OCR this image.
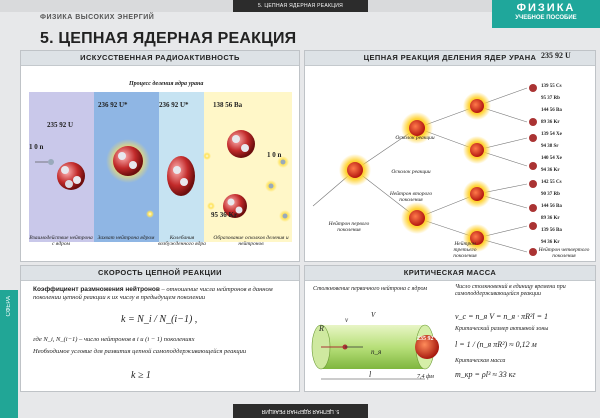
5. ЦЕПНАЯ ЯДЕРНАЯ РЕАКЦИЯ	ФИЗИКА
УЧЕБНОЕ ПОСОБИЕ
ФИЗИКА ВЫСОКИХ ЭНЕРГИЙ
5. ЦЕПНАЯ ЯДЕРНАЯ РЕАКЦИЯ
СФЕРА
ИСКУССТВЕННАЯ РАДИОАКТИВНОСТЬ
Процесс деления ядра урана
235 92 U
1 0 n
236 92 U*	236 92 U*	138 56 Ba
95 36 Kr
1 0 n
Взаимодействие нейтрона с ядром
Захват нейтрона ядром	Колебания возбужденного ядра
Образование осколков деления и нейтронов
ЦЕПНАЯ РЕАКЦИЯ ДЕЛЕНИЯ ЯДЕР УРАНА 235 92 U
Нейтрон первого поколения
Осколок реакции
Осколок реакции
Нейтрон второго поколения
Нейтрон третьего поколения
Нейтрон четвертого поколения
139 55 Cs
95 37 Rb
144 56 Ba
89 36 Kr
139 54 Xe
94 38 Sr
140 54 Xe
94 36 Kr
142 55 Cs
90 37 Rb
144 56 Ba
89 36 Kr
139 56 Ba
94 36 Kr
СКОРОСТЬ ЦЕПНОЙ РЕАКЦИИ
Коэффициент размножения нейтронов – отношение числа нейтронов в данном поколении цепной реакции к их числу в предыдущем поколении
k = N_i / N_(i−1) ,
где N_i, N_(i−1) – число нейтронов в i и (i − 1) поколениях
Необходимое условие для развития цепной самоподдерживающейся реакции
k ≥ 1
КРИТИЧЕСКАЯ МАССА
Столкновение первичного нейтрона с ядром
R
V
v
n_я
235 92 U
l	7,4 фм
Число столкновений в единицу времени при самоподдерживающейся реакции
ν_c = n_я V = n_я · πR²l = 1
Критический размер активной зоны
l = 1 / (n_я πR²) ≈ 0,12 м
Критическая масса
m_кр = ρl³ ≈ 33 кг
5. ЦЕПНАЯ ЯДЕРНАЯ РЕАКЦИЯ
